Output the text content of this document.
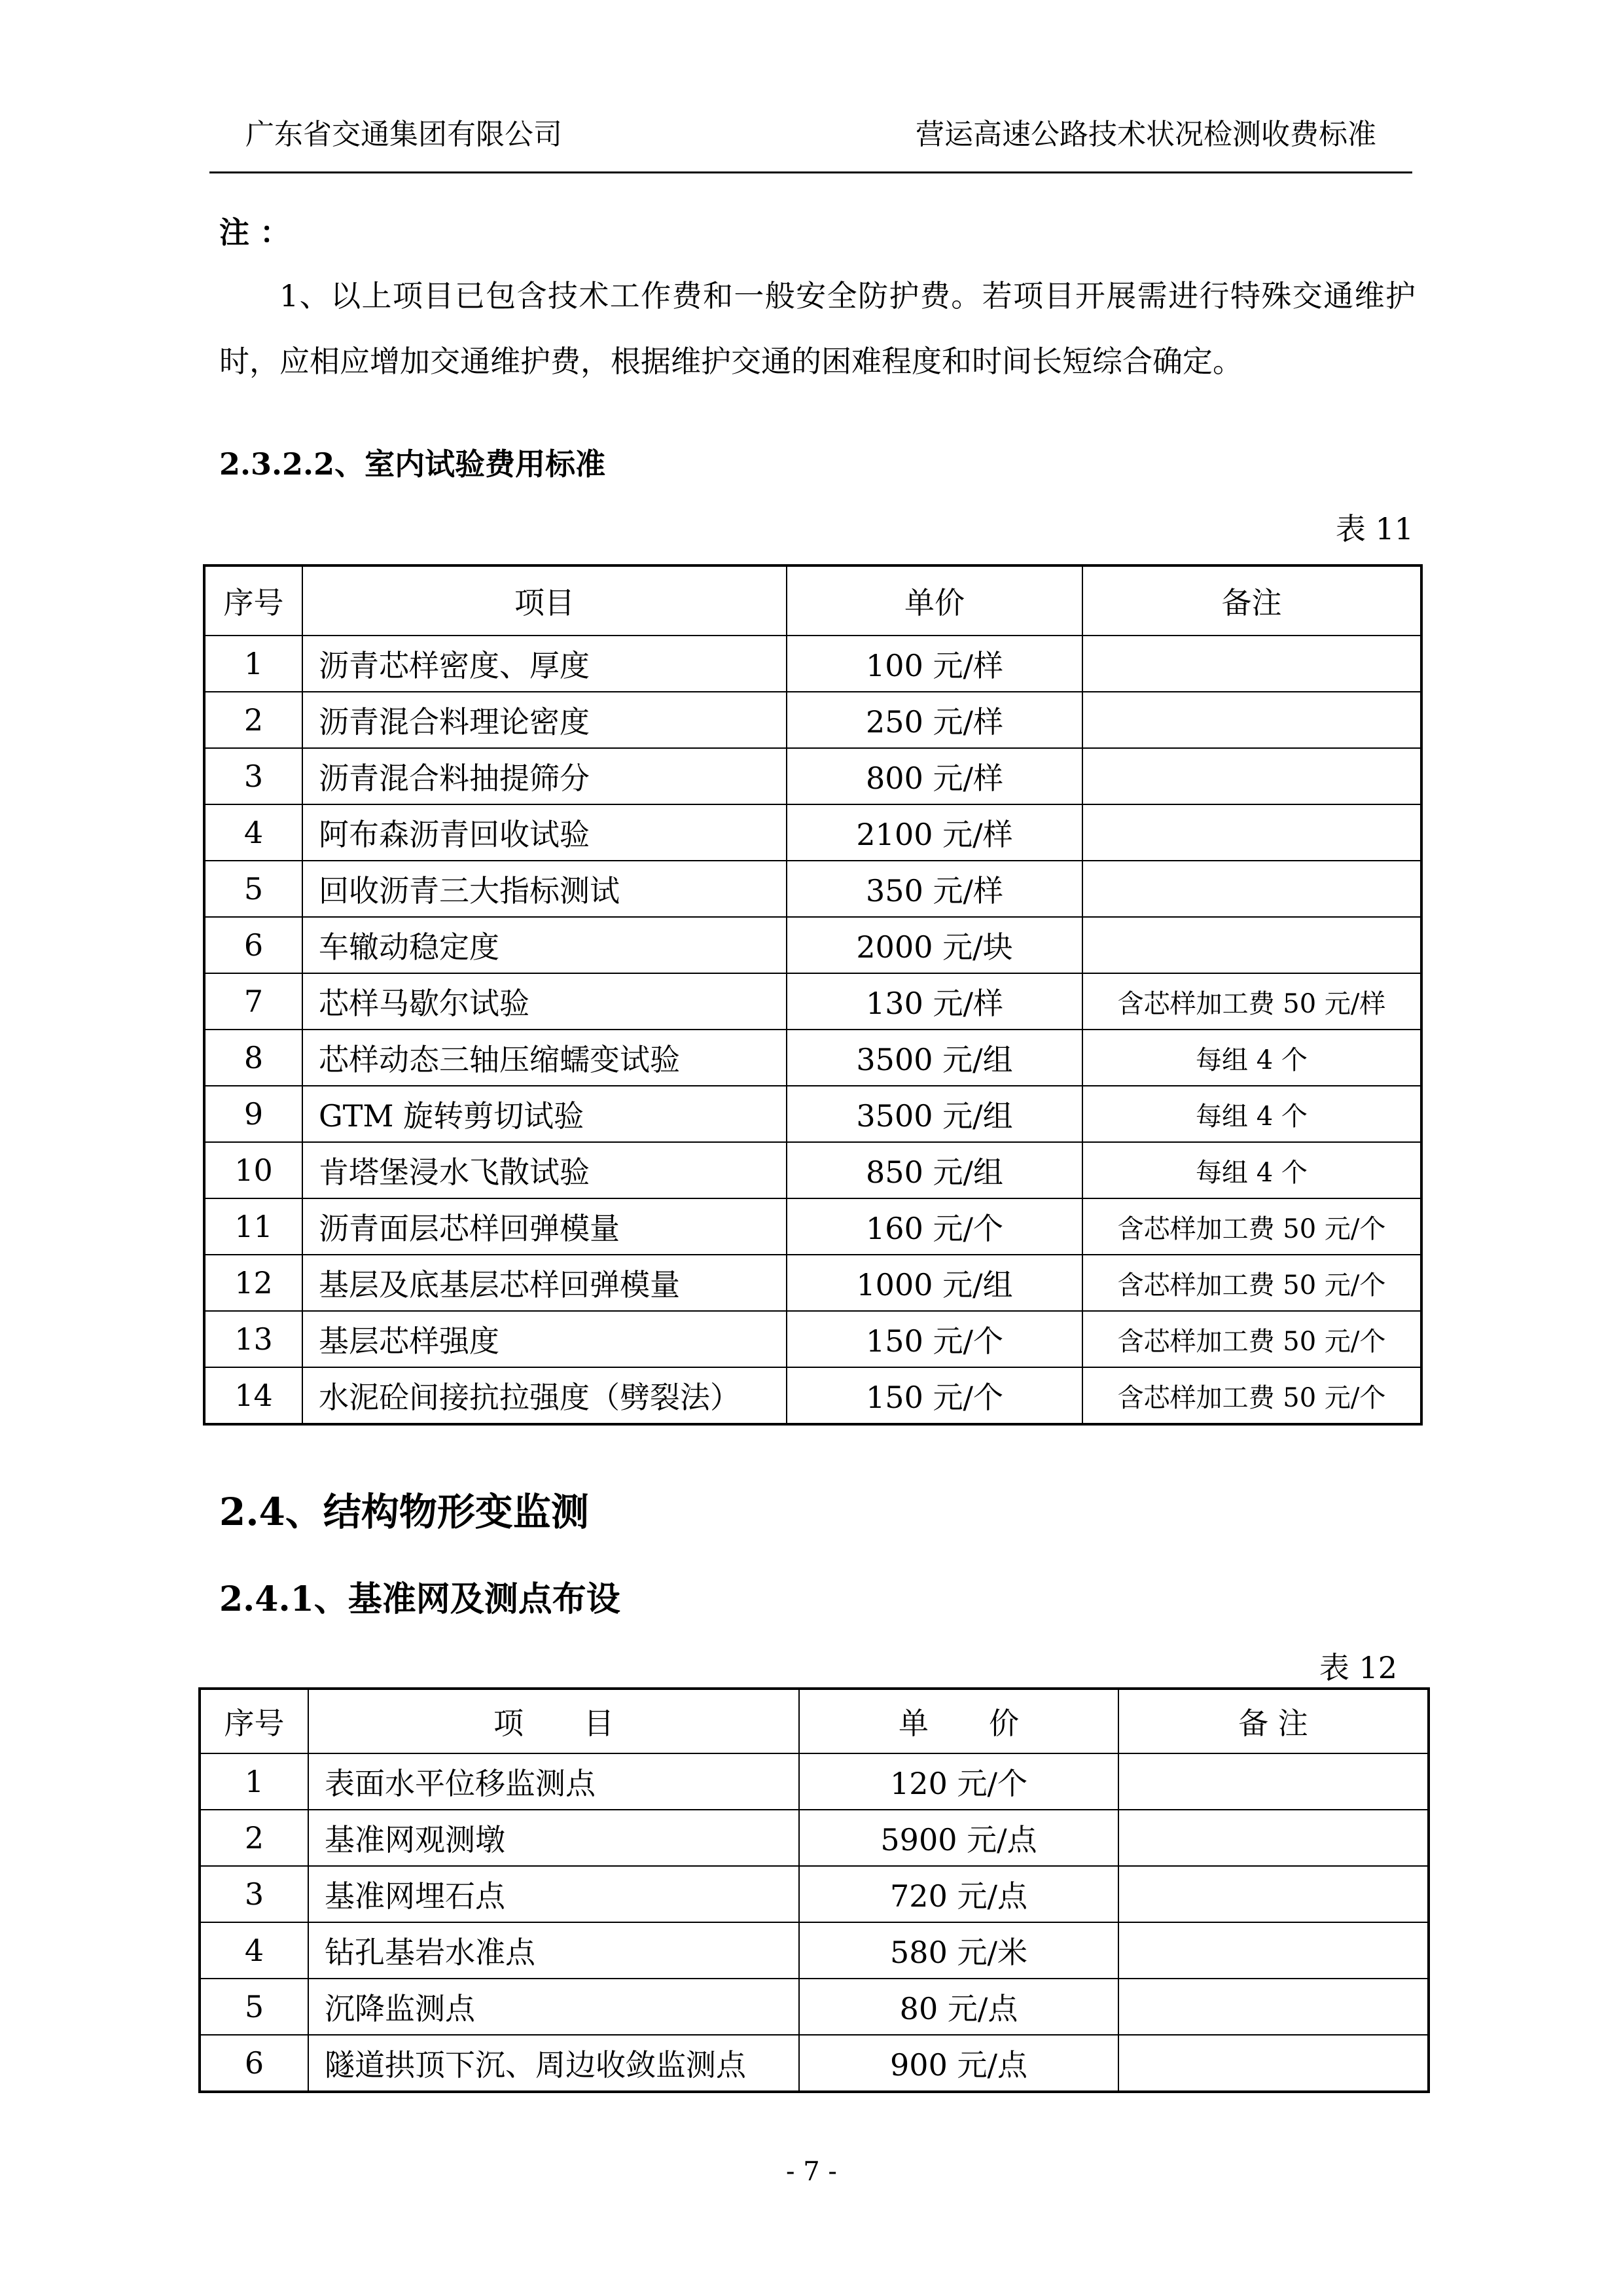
广东省交通集团有限公司	营运高速公路技术状况检测收费标准
注 ：
1、以上项目已包含技术工作费和一般安全防护费。若项目开展需进行特殊交通维护时，应相应增加交通维护费，根据维护交通的困难程度和时间长短综合确定。
2.3.2.2、室内试验费用标准
表 11
序号	项目	单价	备注
1	沥青芯样密度、厚度	100 元/样	
2	沥青混合料理论密度	250 元/样	
3	沥青混合料抽提筛分	800 元/样	
4	阿布森沥青回收试验	2100 元/样	
5	回收沥青三大指标测试	350 元/样	
6	车辙动稳定度	2000 元/块	
7	芯样马歇尔试验	130 元/样	含芯样加工费 50 元/样
8	芯样动态三轴压缩蠕变试验	3500 元/组	每组 4 个
9	GTM 旋转剪切试验	3500 元/组	每组 4 个
10	肯塔堡浸水飞散试验	850 元/组	每组 4 个
11	沥青面层芯样回弹模量	160 元/个	含芯样加工费 50 元/个
12	基层及底基层芯样回弹模量	1000 元/组	含芯样加工费 50 元/个
13	基层芯样强度	150 元/个	含芯样加工费 50 元/个
14	水泥砼间接抗拉强度（劈裂法）	150 元/个	含芯样加工费 50 元/个
2.4、结构物形变监测
2.4.1、基准网及测点布设
表 12
序号	项　　目	单　　价	备 注
1	表面水平位移监测点	120 元/个	
2	基准网观测墩	5900 元/点	
3	基准网埋石点	720 元/点	
4	钻孔基岩水准点	580 元/米	
5	沉降监测点	80 元/点	
6	隧道拱顶下沉、周边收敛监测点	900 元/点	
- 7 -
